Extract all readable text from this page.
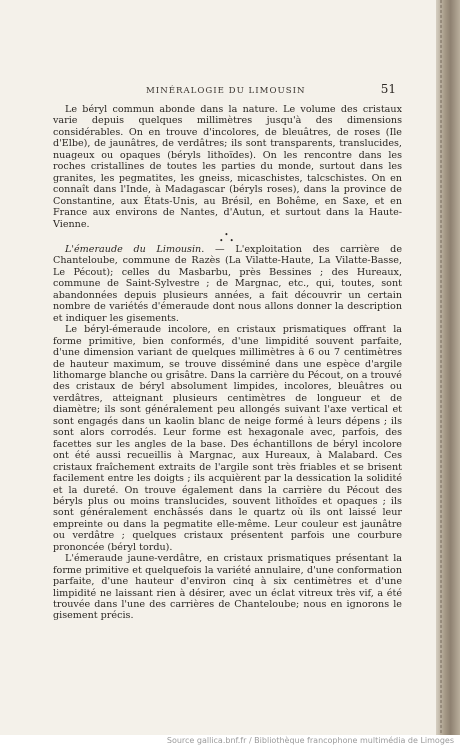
MINÉRALOGIE DU LIMOUSIN	51

Le béryl commun abonde dans la nature. Le volume des cristaux varie depuis quelques millimètres jusqu'à des dimensions considérables. On en trouve d'incolores, de bleuâtres, de roses (Ile d'Elbe), de jaunâtres, de verdâtres; ils sont transparents, translucides, nuageux ou opaques (béryls lithoïdes). On les rencontre dans les roches cristallines de toutes les parties du monde, surtout dans les granites, les pegmatites, les gneiss, micaschistes, talcschistes. On en connaît dans l'Inde, à Madagascar (béryls roses), dans la province de Constantine, aux États-Unis, au Brésil, en Bohême, en Saxe, et en France aux environs de Nantes, d'Autun, et surtout dans la Haute-Vienne.

•
• •

L'émeraude du Limousin. — L'exploitation des carrière de Chanteloube, commune de Razès (La Vilatte-Haute, La Vilatte-Basse, Le Pécout); celles du Masbarbu, près Bessines ; des Hureaux, commune de Saint-Sylvestre ; de Margnac, etc., qui, toutes, sont abandonnées depuis plusieurs années, a fait découvrir un certain nombre de variétés d'émeraude dont nous allons donner la description et indiquer les gisements.

Le béryl-émeraude incolore, en cristaux prismatiques offrant la forme primitive, bien conformés, d'une limpidité souvent parfaite, d'une dimension variant de quelques millimètres à 6 ou 7 centimètres de hauteur maximum, se trouve disséminé dans une espèce d'argile lithomarge blanche ou grisâtre. Dans la carrière du Pécout, on a trouvé des cristaux de béryl absolument limpides, incolores, bleuâtres ou verdâtres, atteignant plusieurs centimètres de longueur et de diamètre; ils sont généralement peu allongés suivant l'axe vertical et sont engagés dans un kaolin blanc de neige formé à leurs dépens ; ils sont alors corrodés. Leur forme est hexagonale avec, parfois, des facettes sur les angles de la base. Des échantillons de béryl incolore ont été aussi recueillis à Margnac, aux Hureaux, à Malabard. Ces cristaux fraîchement extraits de l'argile sont très friables et se brisent facilement entre les doigts ; ils acquièrent par la dessication la solidité et la dureté. On trouve également dans la carrière du Pécout des béryls plus ou moins translucides, souvent lithoïdes et opaques ; ils sont généralement enchâssés dans le quartz où ils ont laissé leur empreinte ou dans la pegmatite elle-même. Leur couleur est jaunâtre ou verdâtre ; quelques cristaux présentent parfois une courbure prononcée (béryl tordu).

L'émeraude jaune-verdâtre, en cristaux prismatiques présentant la forme primitive et quelquefois la variété annulaire, d'une conformation parfaite, d'une hauteur d'environ cinq à six centimètres et d'une limpidité ne laissant rien à désirer, avec un éclat vitreux très vif, a été trouvée dans l'une des carrières de Chanteloube; nous en ignorons le gisement précis.

Source gallica.bnf.fr / Bibliothèque francophone multimédia de Limoges
